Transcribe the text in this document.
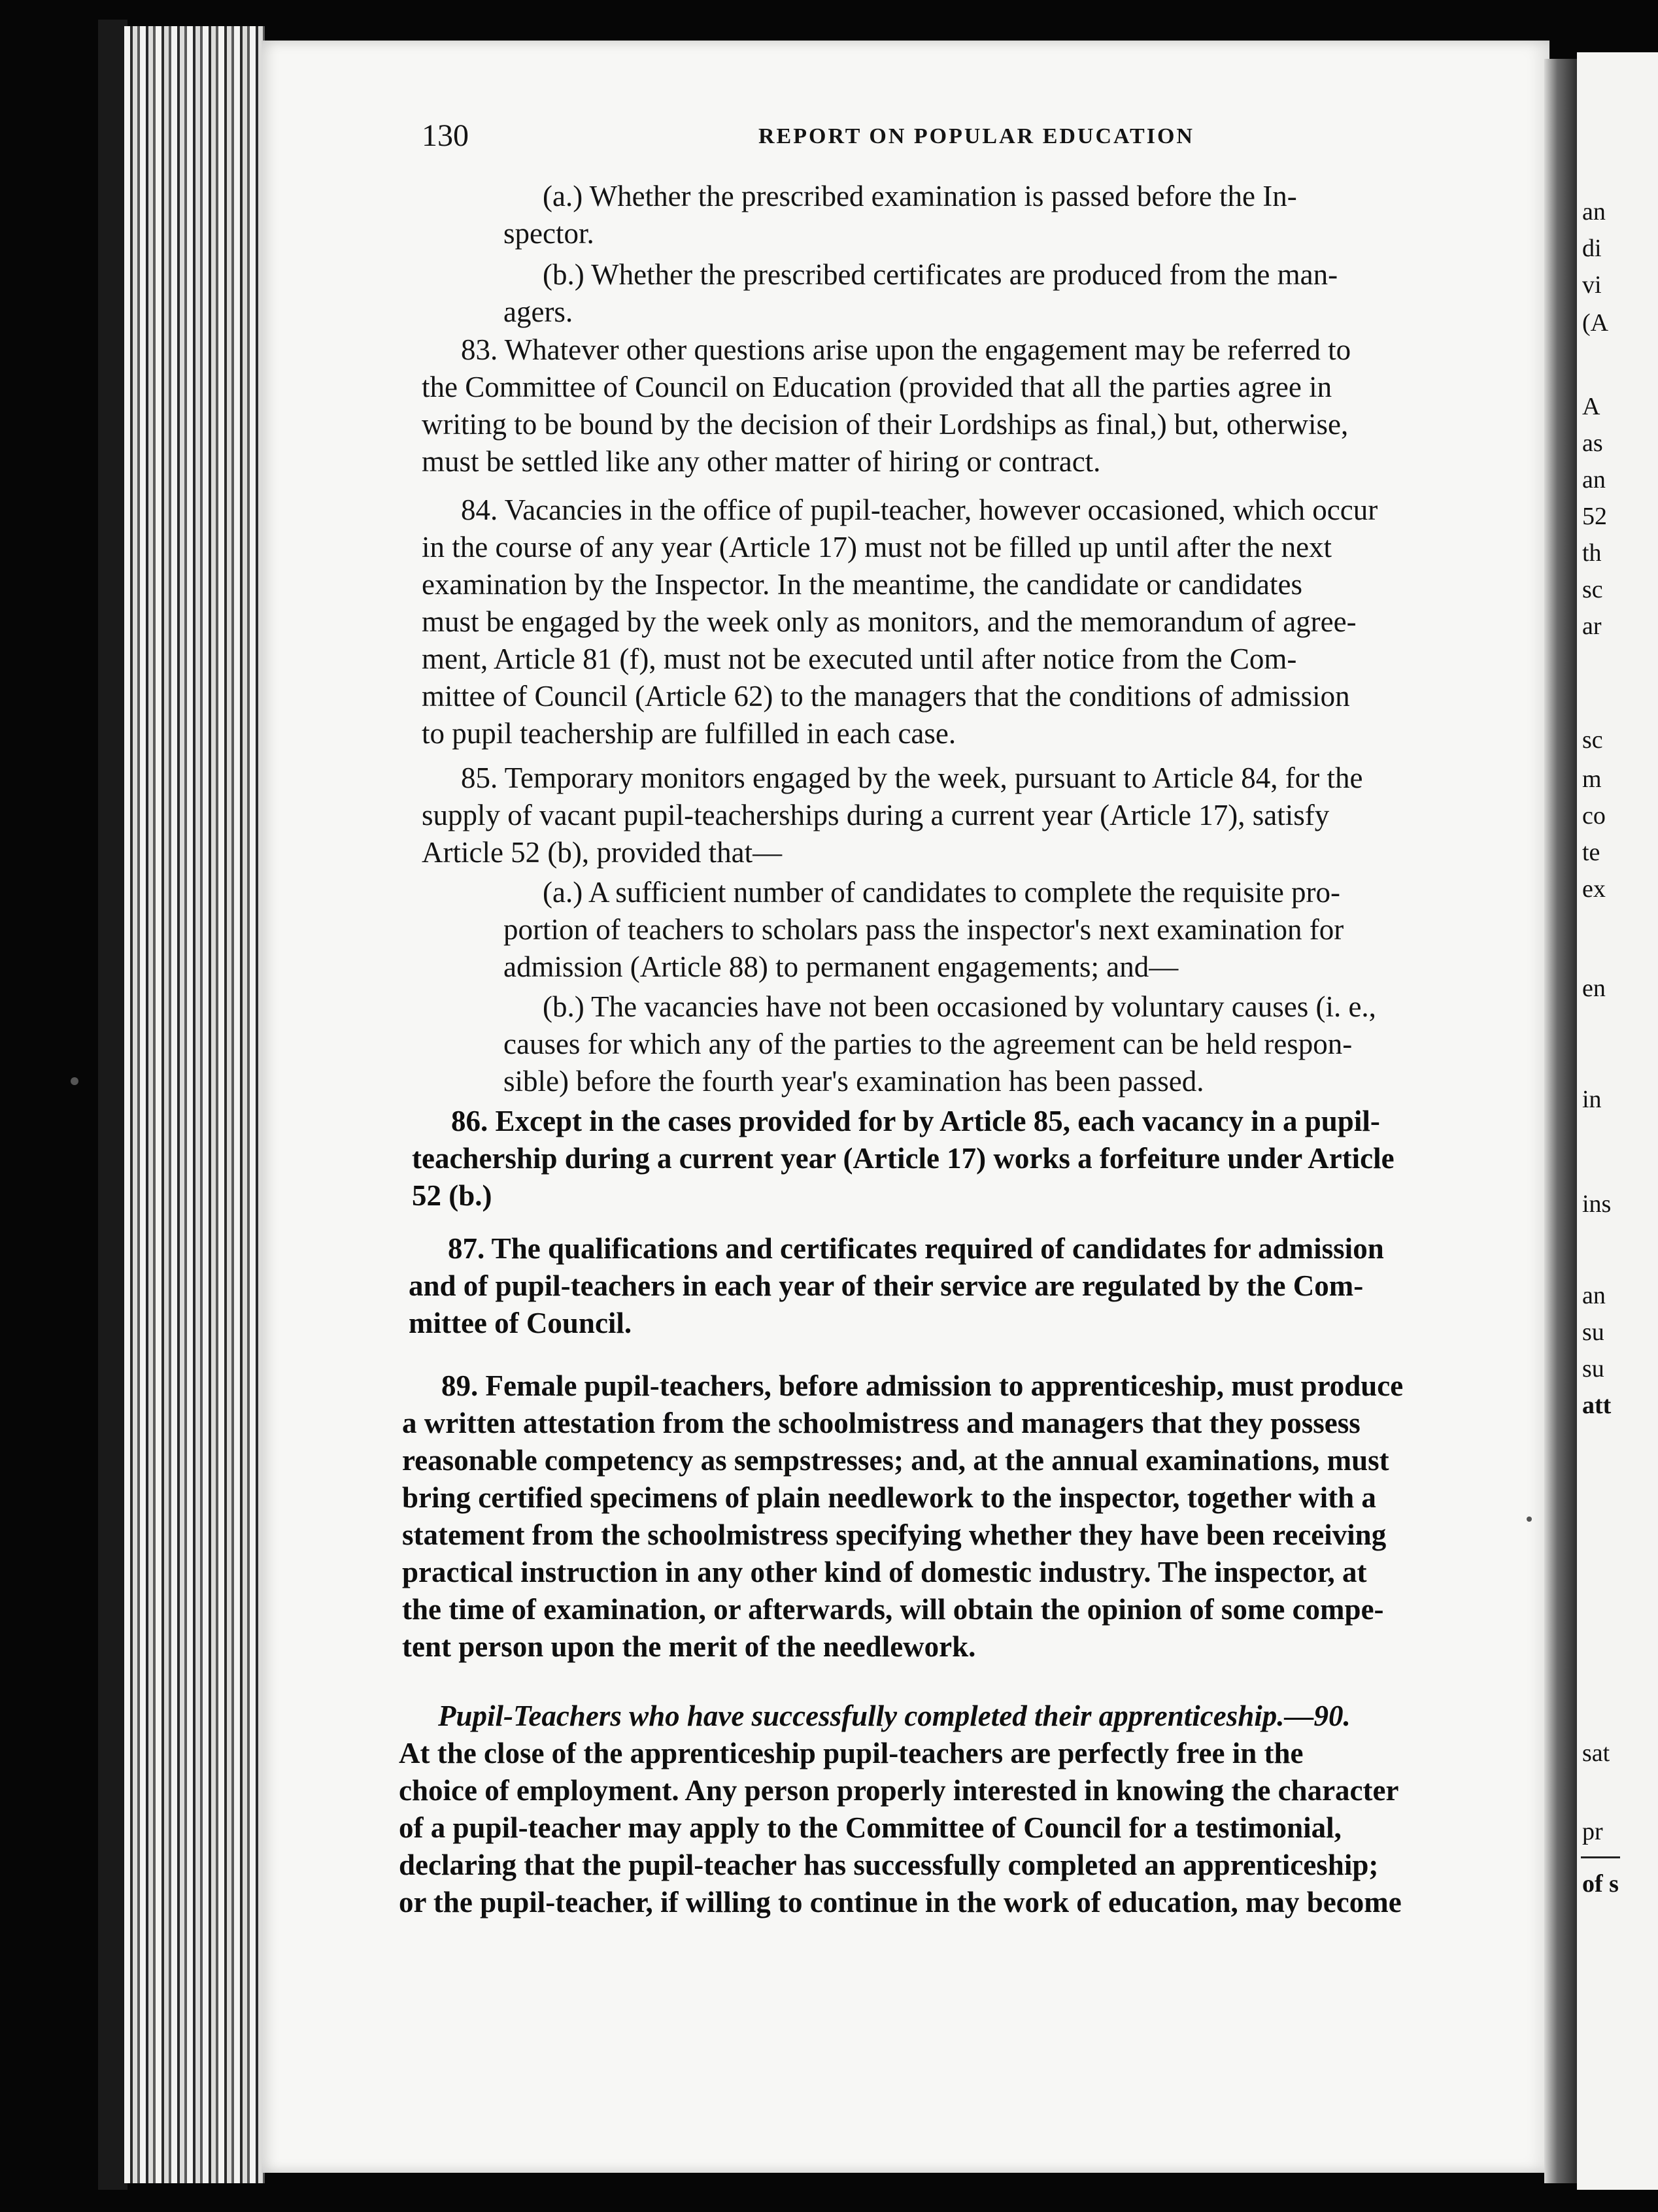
130	REPORT ON POPULAR EDUCATION
(a.) Whether the prescribed examination is passed before the In-
spector.
(b.) Whether the prescribed certificates are produced from the man-
agers.
83. Whatever other questions arise upon the engagement may be referred to
the Committee of Council on Education (provided that all the parties agree in
writing to be bound by the decision of their Lordships as final,) but, otherwise,
must be settled like any other matter of hiring or contract.
84. Vacancies in the office of pupil-teacher, however occasioned, which occur
in the course of any year (Article 17) must not be filled up until after the next
examination by the Inspector. In the meantime, the candidate or candidates
must be engaged by the week only as monitors, and the memorandum of agree-
ment, Article 81 (f), must not be executed until after notice from the Com-
mittee of Council (Article 62) to the managers that the conditions of admission
to pupil teachership are fulfilled in each case.
85. Temporary monitors engaged by the week, pursuant to Article 84, for the
supply of vacant pupil-teacherships during a current year (Article 17), satisfy
Article 52 (b), provided that—
(a.) A sufficient number of candidates to complete the requisite pro-
portion of teachers to scholars pass the inspector's next examination for
admission (Article 88) to permanent engagements; and—
(b.) The vacancies have not been occasioned by voluntary causes (i. e.,
causes for which any of the parties to the agreement can be held respon-
sible) before the fourth year's examination has been passed.
86. Except in the cases provided for by Article 85, each vacancy in a pupil-
teachership during a current year (Article 17) works a forfeiture under Article
52 (b.)
87. The qualifications and certificates required of candidates for admission
and of pupil-teachers in each year of their service are regulated by the Com-
mittee of Council.
89. Female pupil-teachers, before admission to apprenticeship, must produce
a written attestation from the schoolmistress and managers that they possess
reasonable competency as sempstresses; and, at the annual examinations, must
bring certified specimens of plain needlework to the inspector, together with a
statement from the schoolmistress specifying whether they have been receiving
practical instruction in any other kind of domestic industry. The inspector, at
the time of examination, or afterwards, will obtain the opinion of some compe-
tent person upon the merit of the needlework.
Pupil-Teachers who have successfully completed their apprenticeship.—90.
At the close of the apprenticeship pupil-teachers are perfectly free in the
choice of employment. Any person properly interested in knowing the character
of a pupil-teacher may apply to the Committee of Council for a testimonial,
declaring that the pupil-teacher has successfully completed an apprenticeship;
or the pupil-teacher, if willing to continue in the work of education, may become
an
di
vi
(A
A
as
an
52
th
sc
ar
sc
m
co
te
ex
en
in
ins
an
su
su
att
sat
pr
of s
